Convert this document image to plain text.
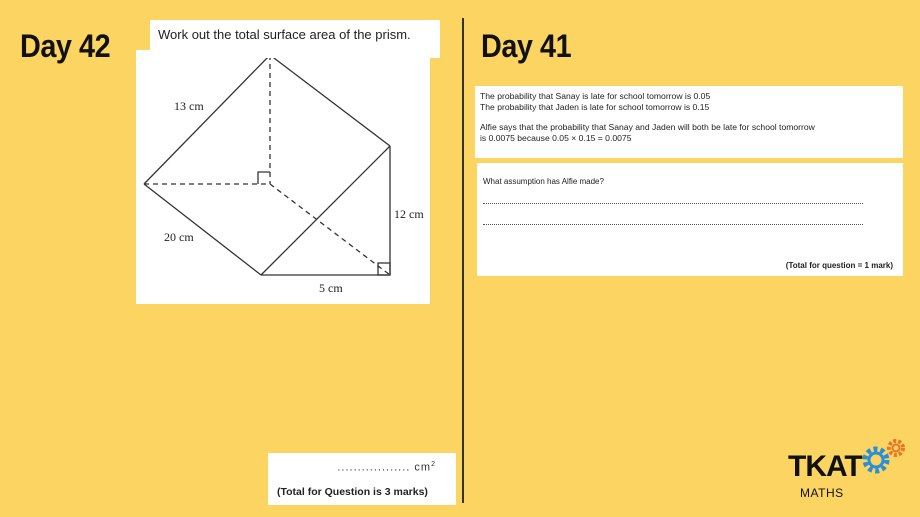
Day 42	Day 41
13 cm
20 cm
12 cm
5 cm
Work out the total surface area of the prism.
.................. $cm^2$
(Total for Question is 3 marks)

The probability that Sanay is late for school tomorrow is 0.05

The probability that Jaden is late for school tomorrow is 0.15

Alfie says that the probability that Sanay and Jaden will both be late for school tomorrow

is 0.0075 because 0.05 × 0.15 = 0.0075

What assumption has Alfie made?
(Total for question = 1 mark)
TKAT
MATHS
